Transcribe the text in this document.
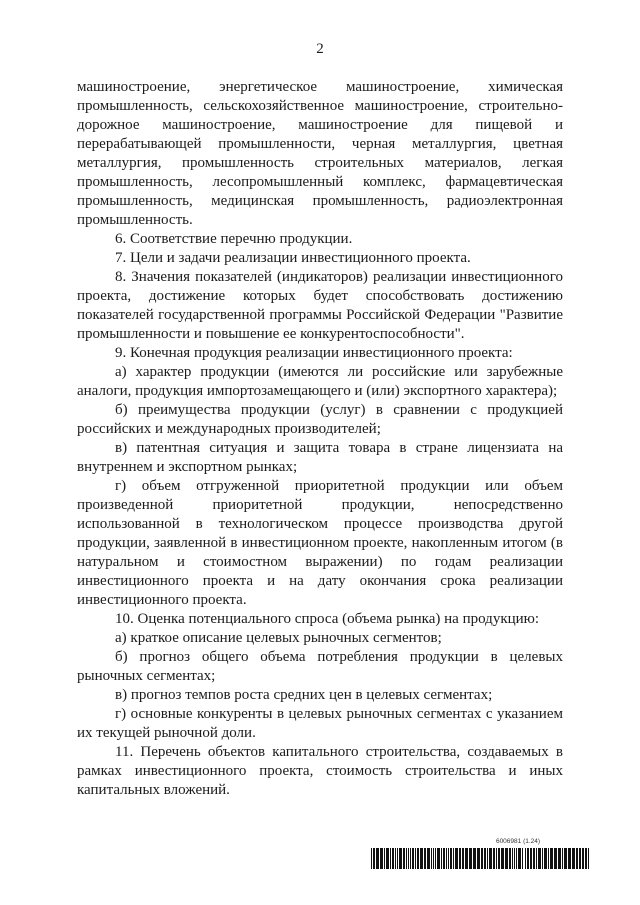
2

машиностроение, энергетическое машиностроение, химическая промышленность, сельскохозяйственное машиностроение, строительно-дорожное машиностроение, машиностроение для пищевой и перерабатывающей промышленности, черная металлургия, цветная металлургия, промышленность строительных материалов, легкая промышленность, лесопромышленный комплекс, фармацевтическая промышленность, медицинская промышленность, радиоэлектронная промышленность.

6. Соответствие перечню продукции.

7. Цели и задачи реализации инвестиционного проекта.

8. Значения показателей (индикаторов) реализации инвестиционного проекта, достижение которых будет способствовать достижению показателей государственной программы Российской Федерации "Развитие промышленности и повышение ее конкурентоспособности".

9. Конечная продукция реализации инвестиционного проекта:

а) характер продукции (имеются ли российские или зарубежные аналоги, продукция импортозамещающего и (или) экспортного характера);

б) преимущества продукции (услуг) в сравнении с продукцией российских и международных производителей;

в) патентная ситуация и защита товара в стране лицензиата на внутреннем и экспортном рынках;

г) объем отгруженной приоритетной продукции или объем произведенной приоритетной продукции, непосредственно использованной в технологическом процессе производства другой продукции, заявленной в инвестиционном проекте, накопленным итогом (в натуральном и стоимостном выражении) по годам реализации инвестиционного проекта и на дату окончания срока реализации инвестиционного проекта.

10. Оценка потенциального спроса (объема рынка) на продукцию:

а) краткое описание целевых рыночных сегментов;

б) прогноз общего объема потребления продукции в целевых рыночных сегментах;

в) прогноз темпов роста средних цен в целевых сегментах;

г) основные конкуренты в целевых рыночных сегментах с указанием их текущей рыночной доли.

11. Перечень объектов капитального строительства, создаваемых в рамках инвестиционного проекта, стоимость строительства и иных капитальных вложений.

6006981 (1.24)
